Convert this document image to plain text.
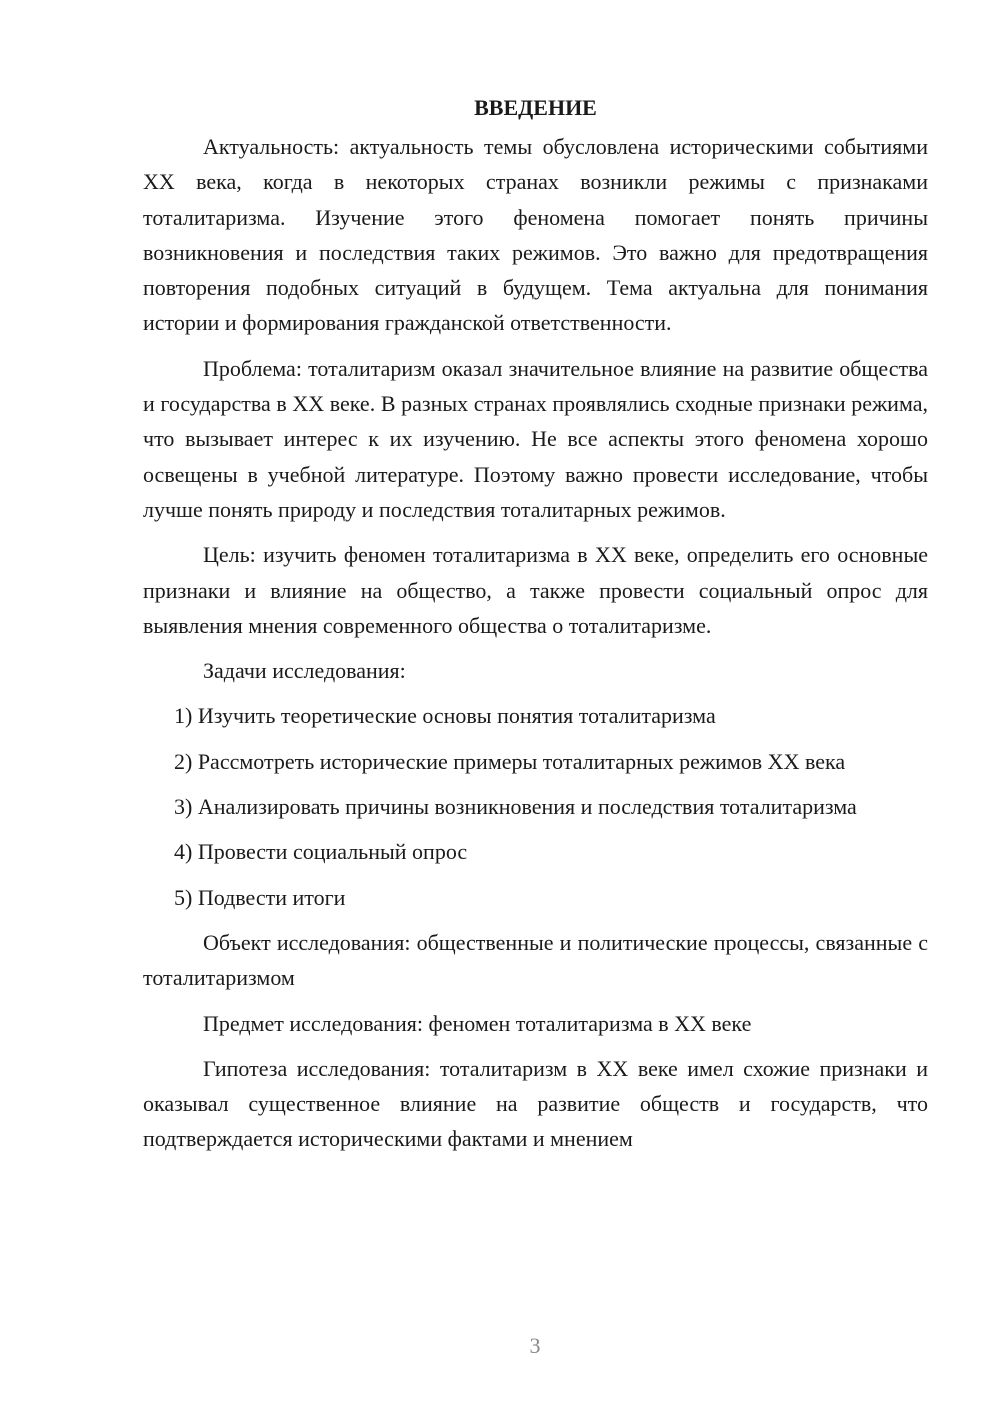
ВВЕДЕНИЕ

Актуальность: актуальность темы обусловлена историческими событиями XX века, когда в некоторых странах возникли режимы с признаками тоталитаризма. Изучение этого феномена помогает понять причины возникновения и последствия таких режимов. Это важно для предотвращения повторения подобных ситуаций в будущем. Тема актуальна для понимания истории и формирования гражданской ответственности.

Проблема: тоталитаризм оказал значительное влияние на развитие общества и государства в XX веке. В разных странах проявлялись сходные признаки режима, что вызывает интерес к их изучению. Не все аспекты этого феномена хорошо освещены в учебной литературе. Поэтому важно провести исследование, чтобы лучше понять природу и последствия тоталитарных режимов.

Цель: изучить феномен тоталитаризма в XX веке, определить его основные признаки и влияние на общество, а также провести социальный опрос для выявления мнения современного общества о тоталитаризме.

Задачи исследования:

1) Изучить теоретические основы понятия тоталитаризма

2) Рассмотреть исторические примеры тоталитарных режимов XX века

3) Анализировать причины возникновения и последствия тоталитаризма

4) Провести социальный опрос

5) Подвести итоги

Объект исследования: общественные и политические процессы, связанные с тоталитаризмом

Предмет исследования: феномен тоталитаризма в XX веке

Гипотеза исследования: тоталитаризм в XX веке имел схожие признаки и оказывал существенное влияние на развитие обществ и государств, что подтверждается историческими фактами и мнением

3
